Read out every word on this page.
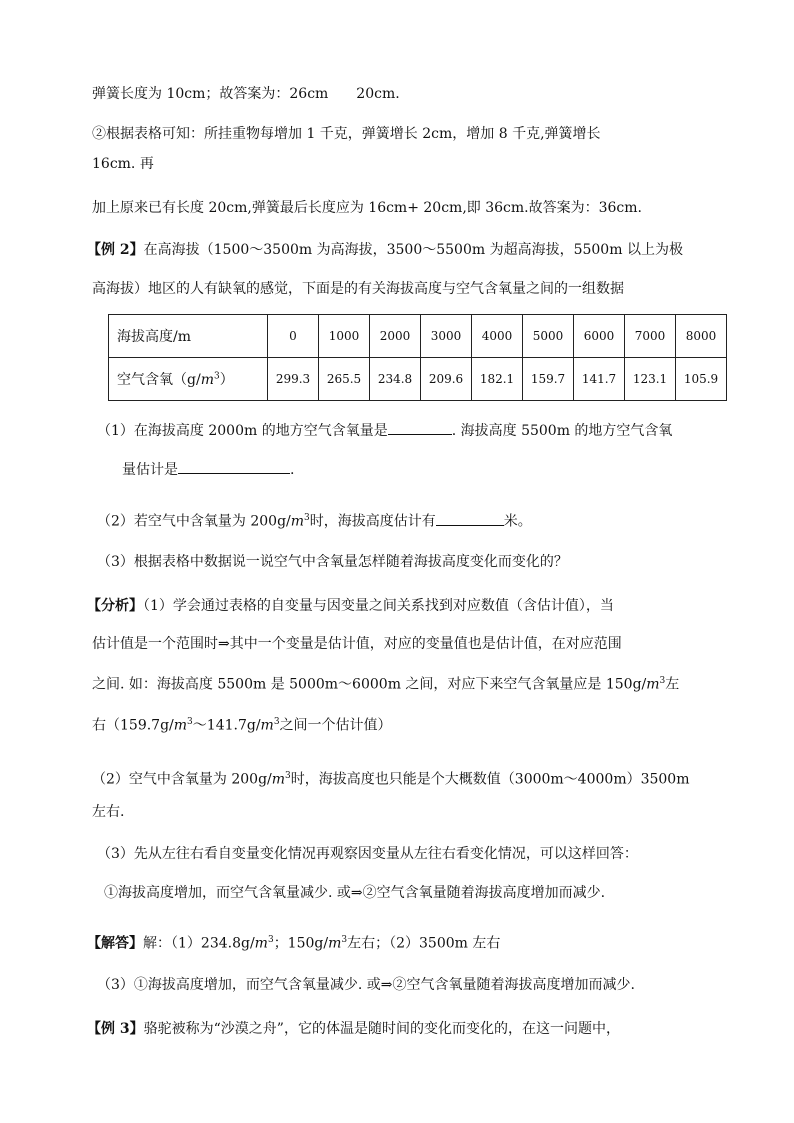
弹簧长度为 10cm；故答案为：26cm　　20cm.
②根据表格可知：所挂重物每增加 1 千克，弹簧增长 2cm，增加 8 千克,弹簧增长
16cm. 再
加上原来已有长度 20cm,弹簧最后长度应为 16cm+ 20cm,即 36cm.故答案为：36cm.
【例 2】在高海拔（1500～3500m 为高海拔，3500～5500m 为超高海拔，5500m 以上为极
高海拔）地区的人有缺氧的感觉，下面是的有关海拔高度与空气含氧量之间的一组数据
海拔高度/m	0	1000	2000	3000	4000	5000	6000	7000	8000
空气含氧$(g/m^3)$	299.3	265.5	234.8	209.6	182.1	159.7	141.7	123.1	105.9
（1）在海拔高度 2000m 的地方空气含氧量是	. 海拔高度 5500m 的地方空气含氧
量估计是	.
（2）若空气中含氧量为 $200g/m^3$时，海拔高度估计有	米。
（3）根据表格中数据说一说空气中含氧量怎样随着海拔高度变化而变化的？
【分析】（1）学会通过表格的自变量与因变量之间关系找到对应数值（含估计值），当
估计值是一个范围时⇒其中一个变量是估计值，对应的变量值也是估计值，在对应范围
之间. 如：海拔高度 5500m 是 5000m～6000m 之间，对应下来空气含氧量应是 $150g/m^3$左
右（$159.7g/m^3\sim 141.7g/m^3$之间一个估计值）
（2）空气中含氧量为 $200g/m^3$时，海拔高度也只能是个大概数值（3000m～4000m）3500m
左右.
（3）先从左往右看自变量变化情况再观察因变量从左往右看变化情况，可以这样回答：
①海拔高度增加，而空气含氧量减少. 或⇒②空气含氧量随着海拔高度增加而减少.
【解答】解：$(1)234.8g/m^3$；$150g/m^3$左右；（2）3500m 左右
（3）①海拔高度增加，而空气含氧量减少. 或⇒②空气含氧量随着海拔高度增加而减少.
【例 3】骆驼被称为“沙漠之舟”，它的体温是随时间的变化而变化的，在这一问题中，
